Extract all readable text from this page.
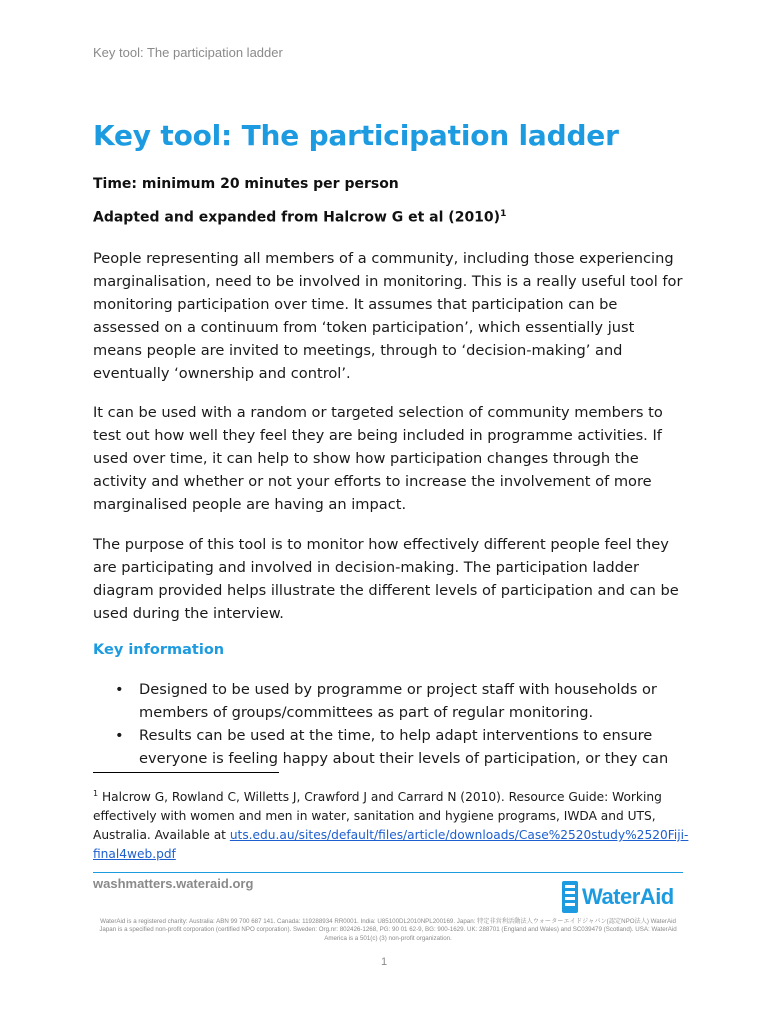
Key tool: The participation ladder
Key tool: The participation ladder

Time: minimum 20 minutes per person

Adapted and expanded from Halcrow G et al $(2010)^1$

People representing all members of a community, including those experiencing marginalisation, need to be involved in monitoring. This is a really useful tool for monitoring participation over time. It assumes that participation can be assessed on a continuum from ‘token participation’, which essentially just means people are invited to meetings, through to ‘decision-making’ and eventually ‘ownership and control’.

It can be used with a random or targeted selection of community members to test out how well they feel they are being included in programme activities. If used over time, it can help to show how participation changes through the activity and whether or not your efforts to increase the involvement of more marginalised people are having an impact.

The purpose of this tool is to monitor how effectively different people feel they are participating and involved in decision-making. The participation ladder diagram provided helps illustrate the different levels of participation and can be used during the interview.

Key information
• Designed to be used by programme or project staff with households or members of groups/committees as part of regular monitoring.
• Results can be used at the time, to help adapt interventions to ensure everyone is feeling happy about their levels of participation, or they can

$^1$ Halcrow G, Rowland C, Willetts J, Crawford J and Carrard N (2010). Resource Guide: Working effectively with women and men in water, sanitation and hygiene programs, IWDA and UTS, Australia. Available at uts.edu.au/sites/default/files/article/downloads/Case%2520study%2520Fiji- final4web.pdf

washmatters.wateraid.org
WaterAid

WaterAid is a registered charity: Australia: ABN 99 700 687 141. Canada: 119288934 RR0001. India: U85100DL2010NPL200169. Japan: 特定非営利活動法人ウォーターエイドジャパン(認定NPO法人) WaterAid Japan is a specified non-profit corporation (certified NPO corporation). Sweden: Org.nr: 802426-1268, PG: 90 01 62-9, BG: 900-1629. UK: 288701 (England and Wales) and SC039479 (Scotland). USA: WaterAid America is a 501(c) (3) non-profit organization.

1
